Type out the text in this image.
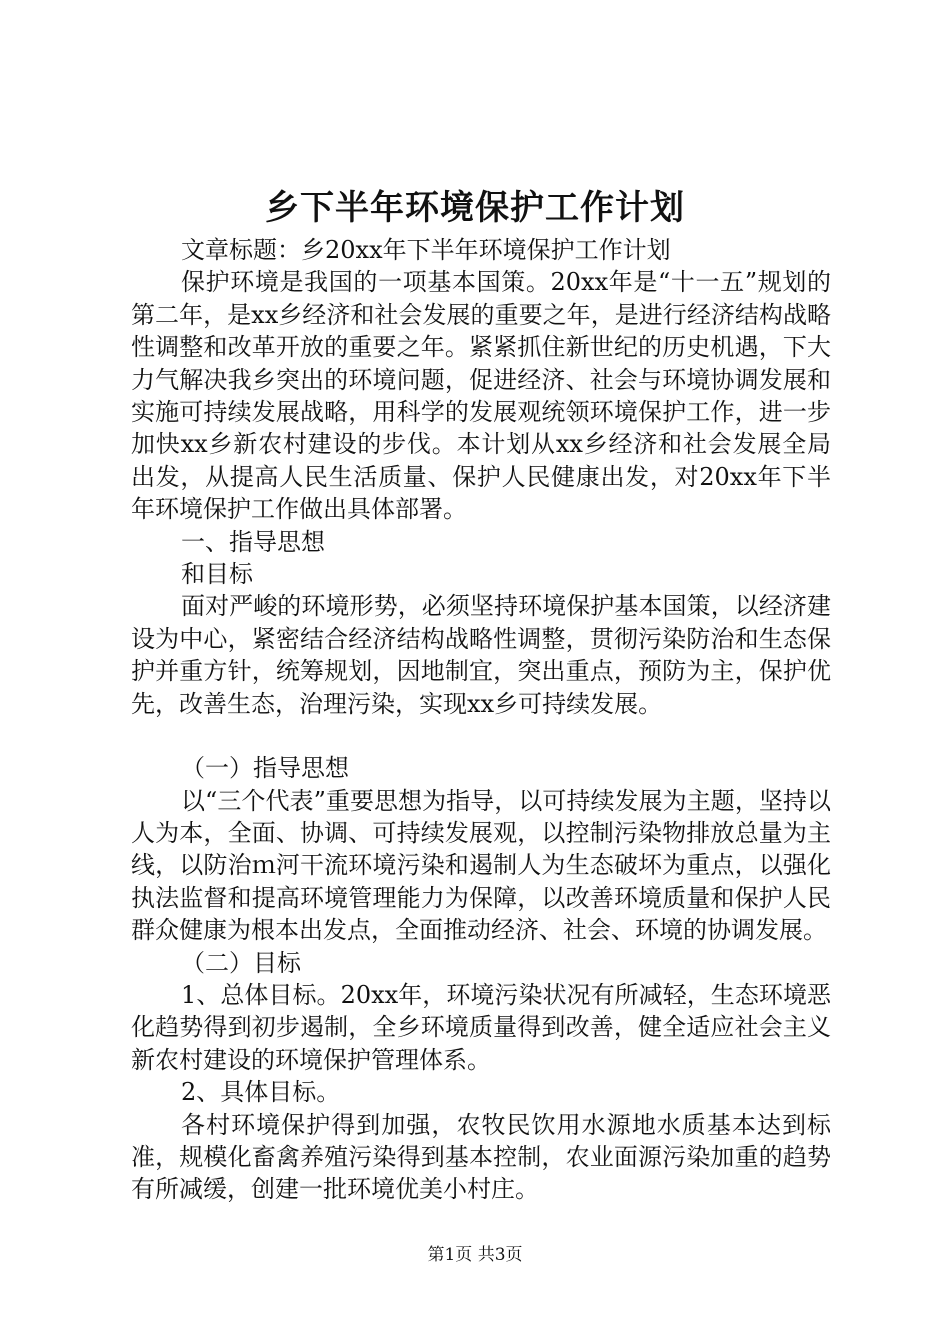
乡下半年环境保护工作计划

文章标题：乡20xx年下半年环境保护工作计划

保护环境是我国的一项基本国策。20xx年是“十一五”规划的第二年，是xx乡经济和社会发展的重要之年，是进行经济结构战略性调整和改革开放的重要之年。紧紧抓住新世纪的历史机遇，下大力气解决我乡突出的环境问题，促进经济、社会与环境协调发展和实施可持续发展战略，用科学的发展观统领环境保护工作，进一步加快xx乡新农村建设的步伐。本计划从xx乡经济和社会发展全局出发，从提高人民生活质量、保护人民健康出发，对20xx年下半年环境保护工作做出具体部署。

一、指导思想

和目标

面对严峻的环境形势，必须坚持环境保护基本国策，以经济建设为中心，紧密结合经济结构战略性调整，贯彻污染防治和生态保护并重方针，统筹规划，因地制宜，突出重点，预防为主，保护优先，改善生态，治理污染，实现xx乡可持续发展。

（一）指导思想

以“三个代表”重要思想为指导，以可持续发展为主题，坚持以人为本，全面、协调、可持续发展观，以控制污染物排放总量为主线，以防治ｍ河干流环境污染和遏制人为生态破坏为重点，以强化执法监督和提高环境管理能力为保障，以改善环境质量和保护人民群众健康为根本出发点，全面推动经济、社会、环境的协调发展。

（二）目标

1、总体目标。20xx年，环境污染状况有所减轻，生态环境恶化趋势得到初步遏制，全乡环境质量得到改善，健全适应社会主义新农村建设的环境保护管理体系。

2、具体目标。

各村环境保护得到加强，农牧民饮用水源地水质基本达到标准，规模化畜禽养殖污染得到基本控制，农业面源污染加重的趋势有所减缓，创建一批环境优美小村庄。

第1页 共3页
